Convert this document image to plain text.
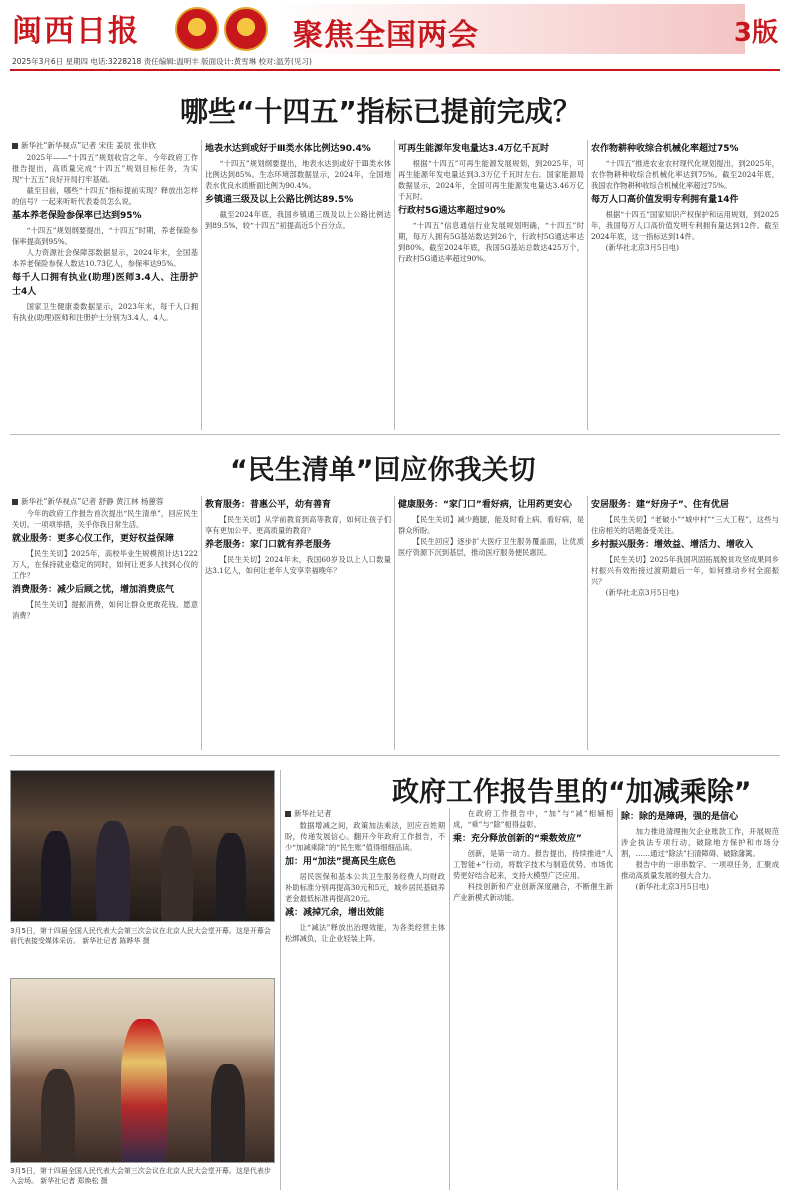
闽西日报	聚焦全国两会	3版
2025年3月6日 星期四 电话:3228218 责任编辑:温明丰 版面设计:黄雪琳 校对:温芳(见习)
哪些“十四五”指标已提前完成？
新华社“新华视点”记者 宋佳 姜辰 张非欣

2025年——“十四五”规划收官之年。今年政府工作报告提出，高质量完成“十四五”规划目标任务，为实现“十五五”良好开局打牢基础。

截至目前，哪些“十四五”指标提前实现？释放出怎样的信号？一起来听听代表委员怎么说。

基本养老保险参保率已达到95%

“十四五”规划纲要提出，“十四五”时期，养老保险参保率提高到95%。

人力资源社会保障部数据显示，2024年末，全国基本养老保险参保人数达10.73亿人，参保率达95%。

每千人口拥有执业(助理)医师3.4人、注册护士4人

国家卫生健康委数据显示，2023年末，每千人口拥有执业(助理)医师和注册护士分别为3.4人、4人。

地表水达到或好于Ⅲ类水体比例达90.4%

“十四五”规划纲要提出，地表水达到或好于Ⅲ类水体比例达到85%。生态环境部数据显示，2024年，全国地表水优良水质断面比例为90.4%。

乡镇通三级及以上公路比例达89.5%

截至2024年底，我国乡镇通三级及以上公路比例达到89.5%，较“十四五”初提高近5个百分点。

可再生能源年发电量达3.4万亿千瓦时

根据“十四五”可再生能源发展规划，到2025年，可再生能源年发电量达到3.3万亿千瓦时左右。国家能源局数据显示，2024年，全国可再生能源发电量达3.46万亿千瓦时。

行政村5G通达率超过90%

“十四五”信息通信行业发展规划明确，“十四五”时期，每万人拥有5G基站数达到26个，行政村5G通达率达到80%。截至2024年底，我国5G基站总数达425万个，行政村5G通达率超过90%。

农作物耕种收综合机械化率超过75%

“十四五”推进农业农村现代化规划提出，到2025年，农作物耕种收综合机械化率达到75%。截至2024年底，我国农作物耕种收综合机械化率超过75%。

每万人口高价值发明专利拥有量14件

根据“十四五”国家知识产权保护和运用规划，到2025年，我国每万人口高价值发明专利拥有量达到12件。截至2024年底，这一指标达到14件。

(新华社北京3月5日电)

“民生清单”回应你我关切
新华社“新华视点”记者 舒静 黄江林 杨蕙蓉

今年的政府工作报告首次提出“民生清单”，回应民生关切。一项项举措，关乎你我日常生活。

就业服务：更多心仪工作，更好权益保障

【民生关切】2025年，高校毕业生规模预计达1222万人，在保持就业稳定的同时，如何让更多人找到心仪的工作？

消费服务：减少后顾之忧，增加消费底气

【民生关切】提振消费，如何让群众更敢花钱、愿意消费？

教育服务：普惠公平，幼有善育

【民生关切】从学前教育到高等教育，如何让孩子们享有更加公平、更高质量的教育？

养老服务：家门口就有养老服务

【民生关切】2024年末，我国60岁及以上人口数量达3.1亿人，如何让老年人安享幸福晚年？

健康服务：“家门口”看好病，让用药更安心

【民生关切】减少跑腿，能及时看上病、看好病，是群众所盼。

【民生回应】逐步扩大医疗卫生服务覆盖面，让优质医疗资源下沉到基层，推动医疗服务便民惠民。

安居服务：建“好房子”、住有优居

【民生关切】“老破小”“城中村”“三大工程”，这些与住房相关的话题备受关注。

乡村振兴服务：增效益、增活力、增收入

【民生关切】2025年我国巩固拓展脱贫攻坚成果同乡村振兴有效衔接过渡期最后一年，如何推动乡村全面振兴？

(新华社北京3月5日电)

政府工作报告里的“加减乘除”
3月5日，第十四届全国人民代表大会第三次会议在北京人民大会堂开幕。这是开幕会前代表接受媒体采访。 新华社记者 陈晔华 摄
3月5日，第十四届全国人民代表大会第三次会议在北京人民大会堂开幕。这是代表步入会场。 新华社记者 郑焕松 摄
新华社记者

数据增减之间，政策加法乘法，回应百姓期盼，传递发展信心。翻开今年政府工作报告，不少“加减乘除”的“民生账”值得细细品读。

加：用“加法”提高民生底色

居民医保和基本公共卫生服务经费人均财政补助标准分别再提高30元和5元，城乡居民基础养老金最低标准再提高20元。

减：减掉冗余，增出效能

让“减法”释放出治理效能，为各类经营主体松绑减负，让企业轻装上阵。

在政府工作报告中，“加”与“减”相辅相成，“乘”与“除”相得益彰。

乘：充分释放创新的“乘数效应”

创新，是第一动力。报告提出，持续推进“人工智能+”行动，将数字技术与制造优势、市场优势更好结合起来，支持大模型广泛应用。

科技创新和产业创新深度融合，不断催生新产业新模式新动能。

除：除的是障碍，强的是信心

加力推进清理拖欠企业账款工作，开展规范涉企执法专项行动，破除地方保护和市场分割，……通过“除法”扫清障碍、破除藩篱。

报告中的一串串数字、一项项任务，汇聚成推动高质量发展的强大合力。

(新华社北京3月5日电)
